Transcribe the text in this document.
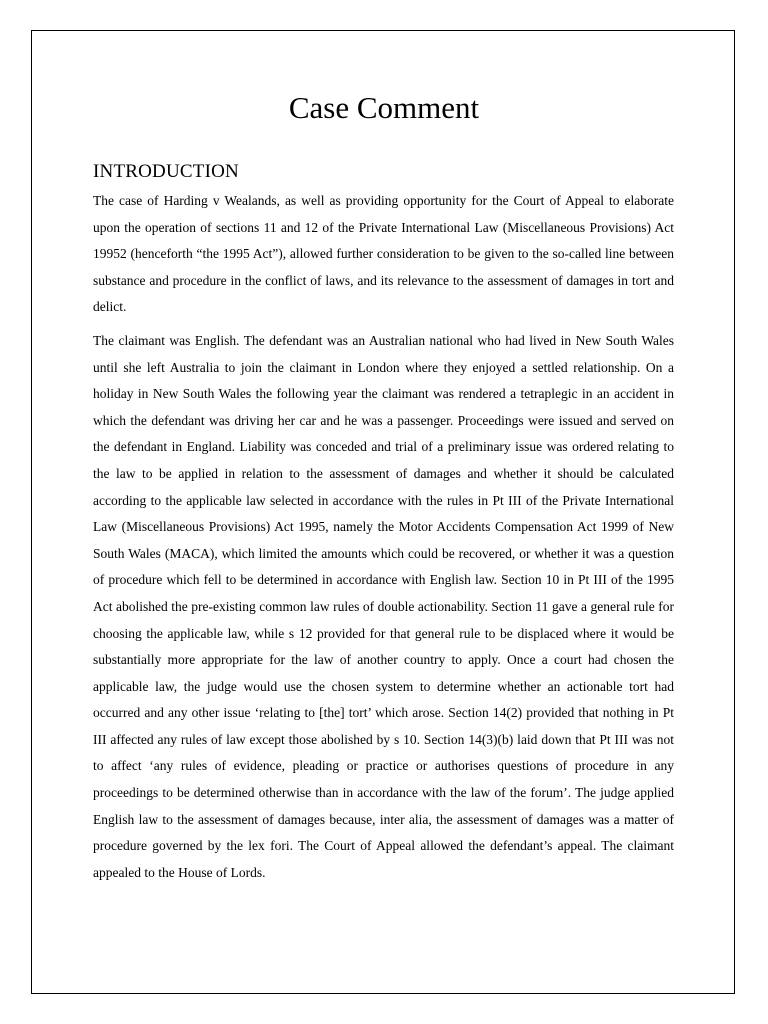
Case Comment
INTRODUCTION

The case of Harding v Wealands, as well as providing opportunity for the Court of Appeal to elaborate upon the operation of sections 11 and 12 of the Private International Law (Miscellaneous Provisions) Act 19952 (henceforth “the 1995 Act”), allowed further consideration to be given to the so-called line between substance and procedure in the conflict of laws, and its relevance to the assessment of damages in tort and delict.

The claimant was English. The defendant was an Australian national who had lived in New South Wales until she left Australia to join the claimant in London where they enjoyed a settled relationship. On a holiday in New South Wales the following year the claimant was rendered a tetraplegic in an accident in which the defendant was driving her car and he was a passenger. Proceedings were issued and served on the defendant in England. Liability was conceded and trial of a preliminary issue was ordered relating to the law to be applied in relation to the assessment of damages and whether it should be calculated according to the applicable law selected in accordance with the rules in Pt III of the Private International Law (Miscellaneous Provisions) Act 1995, namely the Motor Accidents Compensation Act 1999 of New South Wales (MACA), which limited the amounts which could be recovered, or whether it was a question of procedure which fell to be determined in accordance with English law. Section 10 in Pt III of the 1995 Act abolished the pre-existing common law rules of double actionability. Section 11 gave a general rule for choosing the applicable law, while s 12 provided for that general rule to be displaced where it would be substantially more appropriate for the law of another country to apply. Once a court had chosen the applicable law, the judge would use the chosen system to determine whether an actionable tort had occurred and any other issue ‘relating to [the] tort’ which arose. Section 14(2) provided that nothing in Pt III affected any rules of law except those abolished by s 10. Section 14(3)(b) laid down that Pt III was not to affect ‘any rules of evidence, pleading or practice or authorises questions of procedure in any proceedings to be determined otherwise than in accordance with the law of the forum’. The judge applied English law to the assessment of damages because, inter alia, the assessment of damages was a matter of procedure governed by the lex fori. The Court of Appeal allowed the defendant’s appeal. The claimant appealed to the House of Lords.
